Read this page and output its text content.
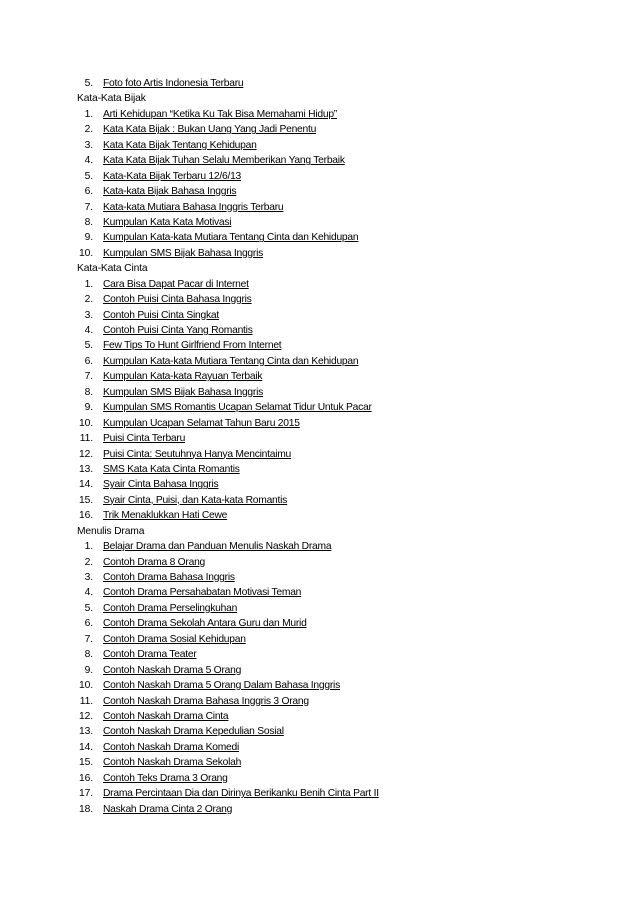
5. Foto foto Artis Indonesia Terbaru
Kata-Kata Bijak
1. Arti Kehidupan “Ketika Ku Tak Bisa Memahami Hidup”
2. Kata Kata Bijak : Bukan Uang Yang Jadi Penentu
3. Kata Kata Bijak Tentang Kehidupan
4. Kata Kata Bijak Tuhan Selalu Memberikan Yang Terbaik
5. Kata-Kata Bijak Terbaru 12/6/13
6. Kata-kata Bijak Bahasa Inggris
7. Kata-kata Mutiara Bahasa Inggris Terbaru
8. Kumpulan Kata Kata Motivasi
9. Kumpulan Kata-kata Mutiara Tentang Cinta dan Kehidupan
10. Kumpulan SMS Bijak Bahasa Inggris
Kata-Kata Cinta
1. Cara Bisa Dapat Pacar di Internet
2. Contoh Puisi Cinta Bahasa Inggris
3. Contoh Puisi Cinta Singkat
4. Contoh Puisi Cinta Yang Romantis
5. Few Tips To Hunt Girlfriend From Internet
6. Kumpulan Kata-kata Mutiara Tentang Cinta dan Kehidupan
7. Kumpulan Kata-kata Rayuan Terbaik
8. Kumpulan SMS Bijak Bahasa Inggris
9. Kumpulan SMS Romantis Ucapan Selamat Tidur Untuk Pacar
10. Kumpulan Ucapan Selamat Tahun Baru 2015
11. Puisi Cinta Terbaru
12. Puisi Cinta: Seutuhnya Hanya Mencintaimu
13. SMS Kata Kata Cinta Romantis
14. Syair Cinta Bahasa Inggris
15. Syair Cinta, Puisi, dan Kata-kata Romantis
16. Trik Menaklukkan Hati Cewe
Menulis Drama
1. Belajar Drama dan Panduan Menulis Naskah Drama
2. Contoh Drama 8 Orang
3. Contoh Drama Bahasa Inggris
4. Contoh Drama Persahabatan Motivasi Teman
5. Contoh Drama Perselingkuhan
6. Contoh Drama Sekolah Antara Guru dan Murid
7. Contoh Drama Sosial Kehidupan
8. Contoh Drama Teater
9. Contoh Naskah Drama 5 Orang
10. Contoh Naskah Drama 5 Orang Dalam Bahasa Inggris
11. Contoh Naskah Drama Bahasa Inggris 3 Orang
12. Contoh Naskah Drama Cinta
13. Contoh Naskah Drama Kepedulian Sosial
14. Contoh Naskah Drama Komedi
15. Contoh Naskah Drama Sekolah
16. Contoh Teks Drama 3 Orang
17. Drama Percintaan Dia dan Dirinya Berikanku Benih Cinta Part II
18. Naskah Drama Cinta 2 Orang
